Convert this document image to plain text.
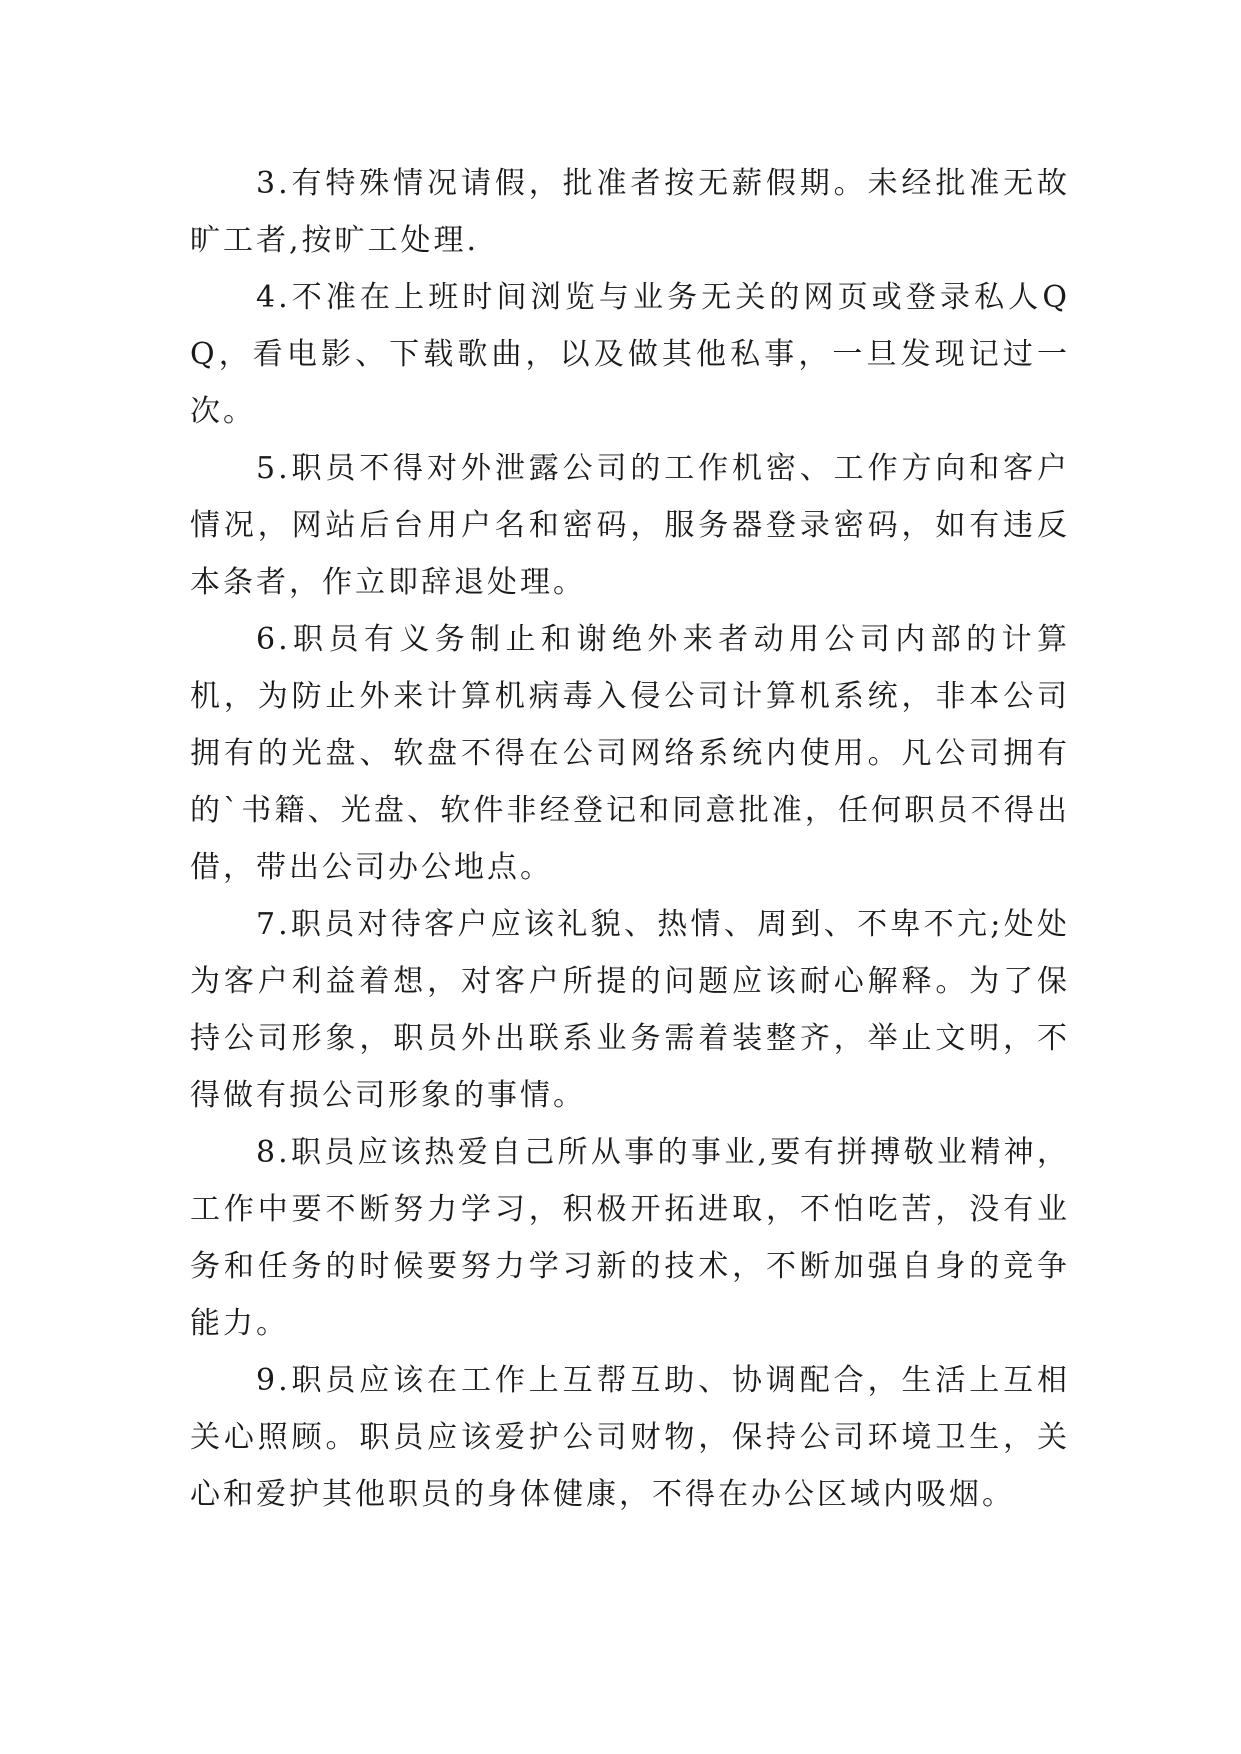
3.有特殊情况请假，批准者按无薪假期。未经批准无故旷工者,按旷工处理.

4.不准在上班时间浏览与业务无关的网页或登录私人QQ，看电影、下载歌曲，以及做其他私事，一旦发现记过一次。

5.职员不得对外泄露公司的工作机密、工作方向和客户情况，网站后台用户名和密码，服务器登录密码，如有违反本条者，作立即辞退处理。

6.职员有义务制止和谢绝外来者动用公司内部的计算机，为防止外来计算机病毒入侵公司计算机系统，非本公司拥有的光盘、软盘不得在公司网络系统内使用。凡公司拥有的`书籍、光盘、软件非经登记和同意批准，任何职员不得出借，带出公司办公地点。

7.职员对待客户应该礼貌、热情、周到、不卑不亢;处处为客户利益着想，对客户所提的问题应该耐心解释。为了保持公司形象，职员外出联系业务需着装整齐，举止文明，不得做有损公司形象的事情。

8.职员应该热爱自己所从事的事业,要有拼搏敬业精神，工作中要不断努力学习，积极开拓进取，不怕吃苦，没有业务和任务的时候要努力学习新的技术，不断加强自身的竞争能力。

9.职员应该在工作上互帮互助、协调配合，生活上互相关心照顾。职员应该爱护公司财物，保持公司环境卫生，关心和爱护其他职员的身体健康，不得在办公区域内吸烟。
